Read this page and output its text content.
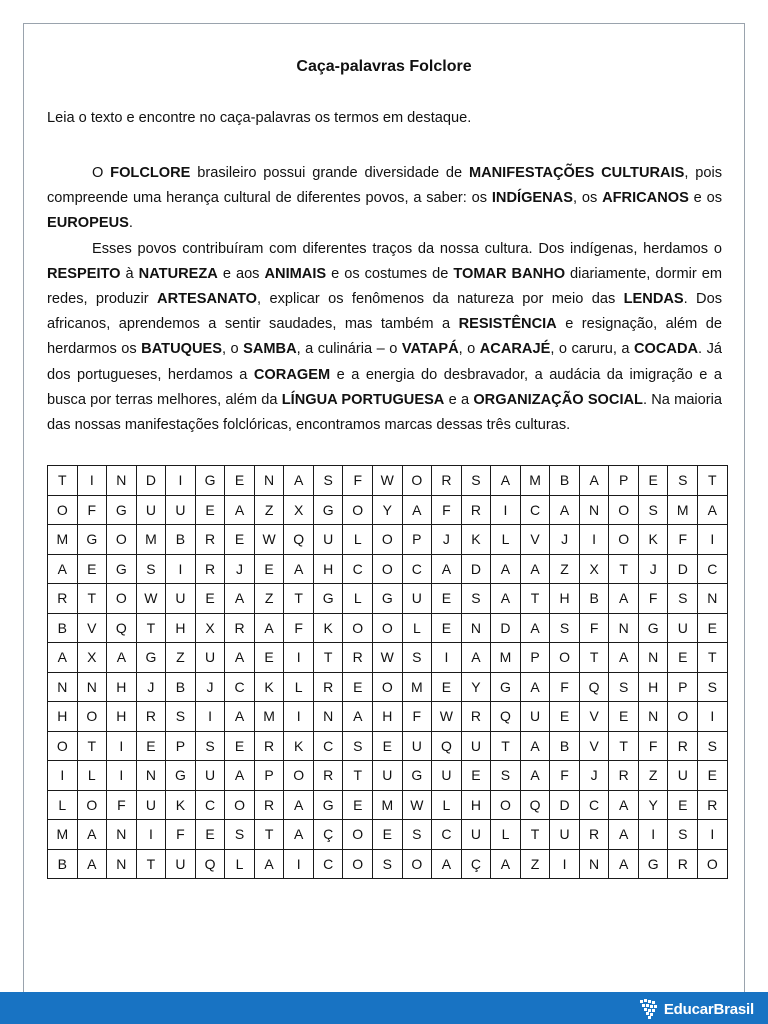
Caça-palavras Folclore
Leia o texto e encontre no caça-palavras os termos em destaque.

O FOLCLORE brasileiro possui grande diversidade de MANIFESTAÇÕES CULTURAIS, pois compreende uma herança cultural de diferentes povos, a saber: os INDÍGENAS, os AFRICANOS e os EUROPEUS.

Esses povos contribuíram com diferentes traços da nossa cultura. Dos indígenas, herdamos o RESPEITO à NATUREZA e aos ANIMAIS e os costumes de TOMAR BANHO diariamente, dormir em redes, produzir ARTESANATO, explicar os fenômenos da natureza por meio das LENDAS. Dos africanos, aprendemos a sentir saudades, mas também a RESISTÊNCIA e resignação, além de herdarmos os BATUQUES, o SAMBA, a culinária – o VATAPÁ, o ACARAJÉ, o caruru, a COCADA. Já dos portugueses, herdamos a CORAGEM e a energia do desbravador, a audácia da imigração e a busca por terras melhores, além da LÍNGUA PORTUGUESA e a ORGANIZAÇÃO SOCIAL. Na maioria das nossas manifestações folclóricas, encontramos marcas dessas três culturas.

T	I	N	D	I	G	E	N	A	S	F	W	O	R	S	A	M	B	A	P	E	S	T
O	F	G	U	U	E	A	Z	X	G	O	Y	A	F	R	I	C	A	N	O	S	M	A
M	G	O	M	B	R	E	W	Q	U	L	O	P	J	K	L	V	J	I	O	K	F	I
A	E	G	S	I	R	J	E	A	H	C	O	C	A	D	A	A	Z	X	T	J	D	C
R	T	O	W	U	E	A	Z	T	G	L	G	U	E	S	A	T	H	B	A	F	S	N
B	V	Q	T	H	X	R	A	F	K	O	O	L	E	N	D	A	S	F	N	G	U	E
A	X	A	G	Z	U	A	E	I	T	R	W	S	I	A	M	P	O	T	A	N	E	T
N	N	H	J	B	J	C	K	L	R	E	O	M	E	Y	G	A	F	Q	S	H	P	S
H	O	H	R	S	I	A	M	I	N	A	H	F	W	R	Q	U	E	V	E	N	O	I
O	T	I	E	P	S	E	R	K	C	S	E	U	Q	U	T	A	B	V	T	F	R	S
I	L	I	N	G	U	A	P	O	R	T	U	G	U	E	S	A	F	J	R	Z	U	E
L	O	F	U	K	C	O	R	A	G	E	M	W	L	H	O	Q	D	C	A	Y	E	R
M	A	N	I	F	E	S	T	A	Ç	O	E	S	C	U	L	T	U	R	A	I	S	I
B	A	N	T	U	Q	L	A	I	C	O	S	O	A	Ç	A	Z	I	N	A	G	R	O
EducarBrasil
